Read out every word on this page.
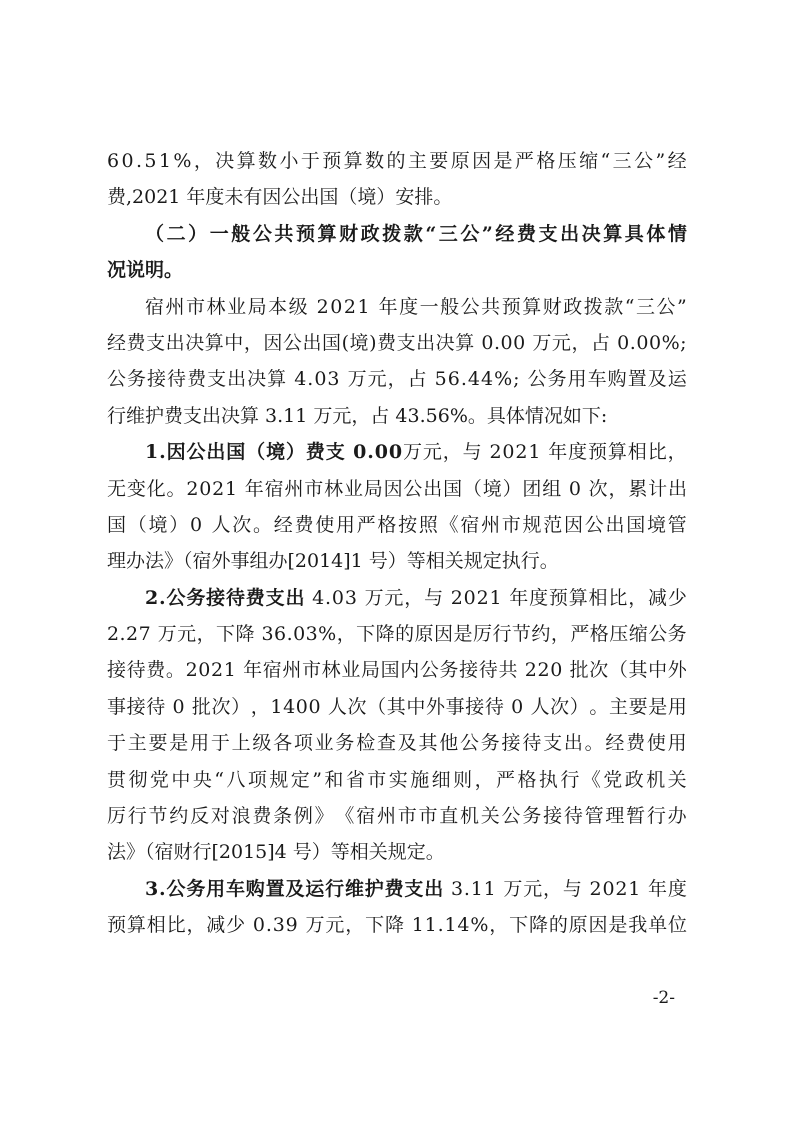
6 0 . 5 1 % ， 决 算 数 小 于 预 算 数 的 主 要 原 因 是 严 格 压 缩 “ 三 公 ” 经
费,2021 年度未有因公出国（境）安排。
（ 二 ） 一 般 公 共 预 算 财 政 拨 款 “ 三 公 ” 经 费 支 出 决 算 具 体 情
况说明。
宿 州 市 林 业 局 本 级
2 0 2 1
年 度 一 般 公 共 预 算 财 政 拨 款 “ 三 公 ”
经 费 支 出 决 算 中 ， 因 公 出 国 ( 境 ) 费 支 出 决 算
0 . 0 0
万 元 ， 占
0 . 0 0 % ;
公 务 接 待 费 支 出 决 算
4 . 0 3
万 元 ， 占
5 6 . 4 4 % ;
公 务 用 车 购 置 及 运
行维护费支出决算 3.11 万元，占 43.56%。具体情况如下:
1 . 因 公 出 国 （ 境 ） 费 支
0 . 0 0 万 元 ， 与
2 0 2 1
年 度 预 算 相 比 ，
无 变 化 。 2 0 2 1
年 宿 州 市 林 业 局 因 公 出 国 （ 境 ） 团 组
0
次 ， 累 计 出
国 （ 境 ） 0
人 次 。 经 费 使 用 严 格 按 照 《 宿 州 市 规 范 因 公 出 国 境 管
理办法》（宿外事组办[2014]1 号）等相关规定执行。
2 . 公 务 接 待 费 支 出
4 . 0 3
万 元 ， 与
2 0 2 1
年 度 预 算 相 比 ， 减 少
2 . 2 7
万 元 ， 下 降
3 6 . 0 3 % ， 下 降 的 原 因 是 厉 行 节 约 ， 严 格 压 缩 公 务
接 待 费 。 2 0 2 1
年 宿 州 市 林 业 局 国 内 公 务 接 待 共
2 2 0
批 次 （ 其 中 外
事 接 待
0
批 次 ） ， 1 4 0 0
人 次 （ 其 中 外 事 接 待
0
人 次 ） 。 主 要 是 用
于 主 要 是 用 于 上 级 各 项 业 务 检 查 及 其 他 公 务 接 待 支 出 。 经 费 使 用
贯 彻 党 中 央 “ 八 项 规 定 ” 和 省 市 实 施 细 则 ， 严 格 执 行 《 党 政 机 关
厉 行 节 约 反 对 浪 费 条 例 》 《 宿 州 市 市 直 机 关 公 务 接 待 管 理 暂 行 办
法》（宿财行[2015]4 号）等相关规定。
3 . 公 务 用 车 购 置 及 运 行 维 护 费 支 出
3 . 1 1
万 元 ， 与
2 0 2 1
年 度
预 算 相 比 ， 减 少
0 . 3 9
万 元 ， 下 降
1 1 . 1 4 % ， 下 降 的 原 因 是 我 单 位
-2-
